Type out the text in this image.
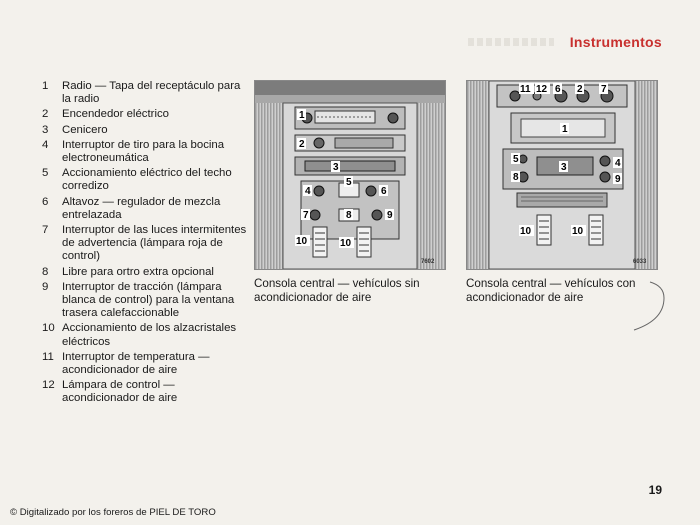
Instrumentos
1	Radio — Tapa del receptáculo para la radio
2	Encendedor eléctrico
3	Cenicero
4	Interruptor de tiro para la bocina electroneumática
5	Accionamiento eléctrico del techo corredizo
6	Altavoz — regulador de mezcla entrelazada
7	Interruptor de las luces intermitentes de advertencia (lámpara roja de control)
8	Libre para ortro extra opcional
9	Interruptor de tracción (lámpara blanca de control) para la ventana trasera calefaccionable
10 Accionamiento de los alzacristales eléctricos
11 Interruptor de temperatura — acondicionador de aire
12 Lámpara de control — acondicionador de aire
1
2
3
4
5
6
7	8	9
10	10
7602
Consola central — vehículos sin acondicionador de aire
11 12 6 2 7
1
5
8
3	4
9
10	10
6033
Consola central — vehículos con acondicionador de aire
19
© Digitalizado por los foreros de PIEL DE TORO
